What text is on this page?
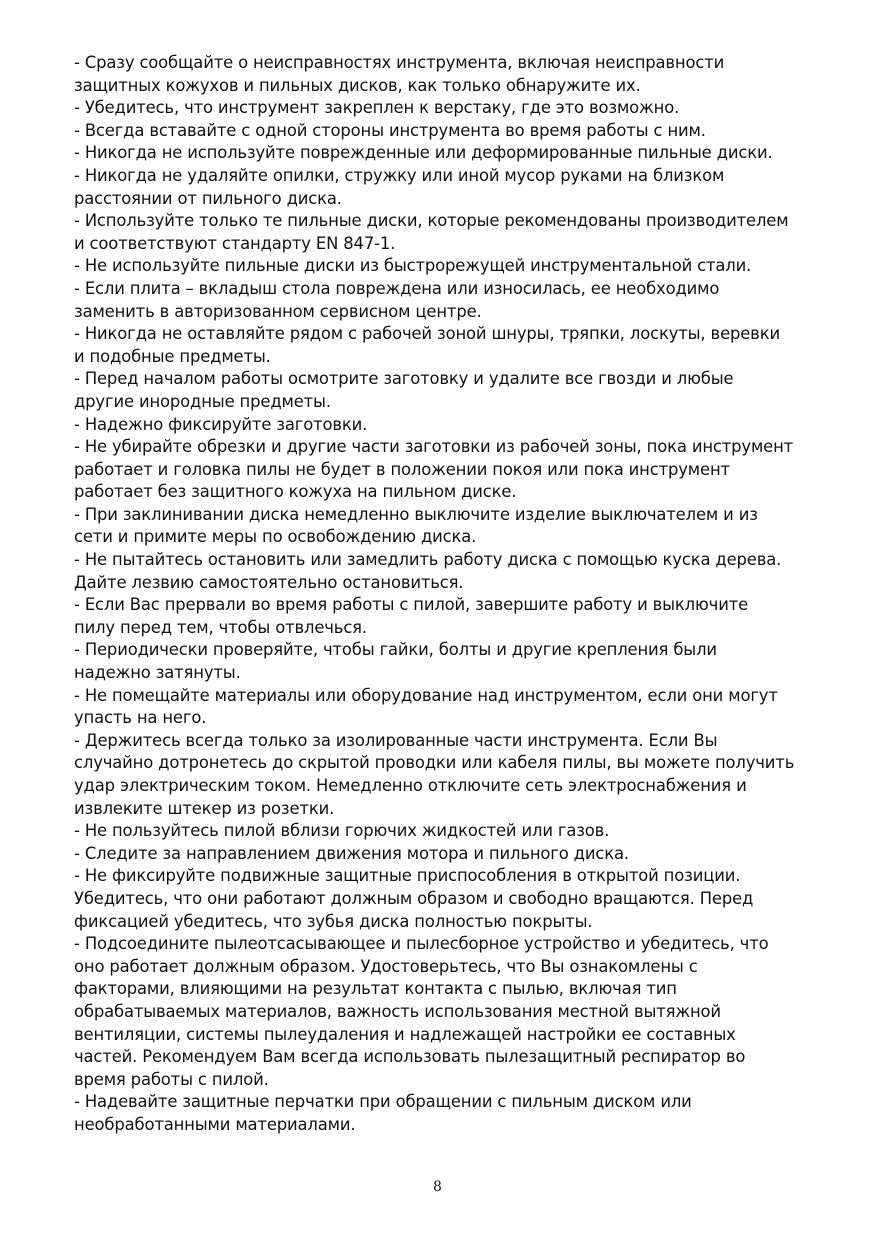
- Сразу сообщайте о неисправностях инструмента, включая неисправности
защитных кожухов и пильных дисков, как только обнаружите их.

- Убедитесь, что инструмент закреплен к верстаку, где это возможно.

- Всегда вставайте с одной стороны инструмента во время работы с ним.

- Никогда не используйте поврежденные или деформированные пильные диски.

- Никогда не удаляйте опилки, стружку или иной мусор руками на близком
расстоянии от пильного диска.

- Используйте только те пильные диски, которые рекомендованы производителем
и соответствуют стандарту EN 847-1.

- Не используйте пильные диски из быстрорежущей инструментальной стали.

- Если плита – вкладыш стола повреждена или износилась, ее необходимо
заменить в авторизованном сервисном центре.

- Никогда не оставляйте рядом с рабочей зоной шнуры, тряпки, лоскуты, веревки
и подобные предметы.

- Перед началом работы осмотрите заготовку и удалите все гвозди и любые
другие инородные предметы.

- Надежно фиксируйте заготовки.

- Не убирайте обрезки и другие части заготовки из рабочей зоны, пока инструмент
работает и головка пилы не будет в положении покоя или пока инструмент
работает без защитного кожуха на пильном диске.

- При заклинивании диска немедленно выключите изделие выключателем и из
сети и примите меры по освобождению диска.

- Не пытайтесь остановить или замедлить работу диска с помощью куска дерева.
Дайте лезвию самостоятельно остановиться.

- Если Вас прервали во время работы с пилой, завершите работу и выключите
пилу перед тем, чтобы отвлечься.

- Периодически проверяйте, чтобы гайки, болты и другие крепления были
надежно затянуты.

- Не помещайте материалы или оборудование над инструментом, если они могут
упасть на него.

- Держитесь всегда только за изолированные части инструмента. Если Вы
случайно дотронетесь до скрытой проводки или кабеля пилы, вы можете получить
удар электрическим током. Немедленно отключите сеть электроснабжения и
извлеките штекер из розетки.

- Не пользуйтесь пилой вблизи горючих жидкостей или газов.

- Следите за направлением движения мотора и пильного диска.

- Не фиксируйте подвижные защитные приспособления в открытой позиции.
Убедитесь, что они работают должным образом и свободно вращаются. Перед
фиксацией убедитесь, что зубья диска полностью покрыты.

- Подсоедините пылеотсасывающее и пылесборное устройство и убедитесь, что
оно работает должным образом. Удостоверьтесь, что Вы ознакомлены с
факторами, влияющими на результат контакта с пылью, включая тип
обрабатываемых материалов, важность использования местной вытяжной
вентиляции, системы пылеудаления и надлежащей настройки ее составных
частей. Рекомендуем Вам всегда использовать пылезащитный респиратор во
время работы с пилой.

- Надевайте защитные перчатки при обращении с пильным диском или
необработанными материалами.

8
